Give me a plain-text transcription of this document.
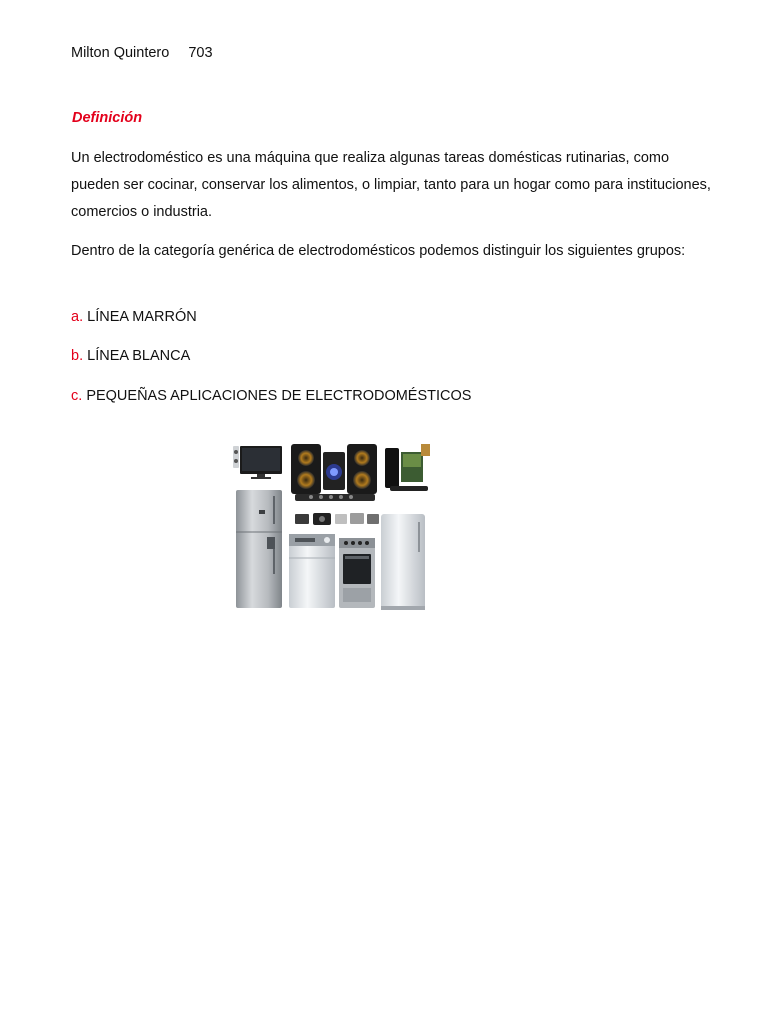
Milton Quintero 703
Definición
Un electrodoméstico es una máquina que realiza algunas tareas domésticas rutinarias, como pueden ser cocinar, conservar los alimentos, o limpiar, tanto para un hogar como para instituciones, comercios o industria.
Dentro de la categoría genérica de electrodomésticos podemos distinguir los siguientes grupos:
a. LÍNEA MARRÓN
b. LÍNEA BLANCA
c. PEQUEÑAS APLICACIONES DE ELECTRODOMÉSTICOS
